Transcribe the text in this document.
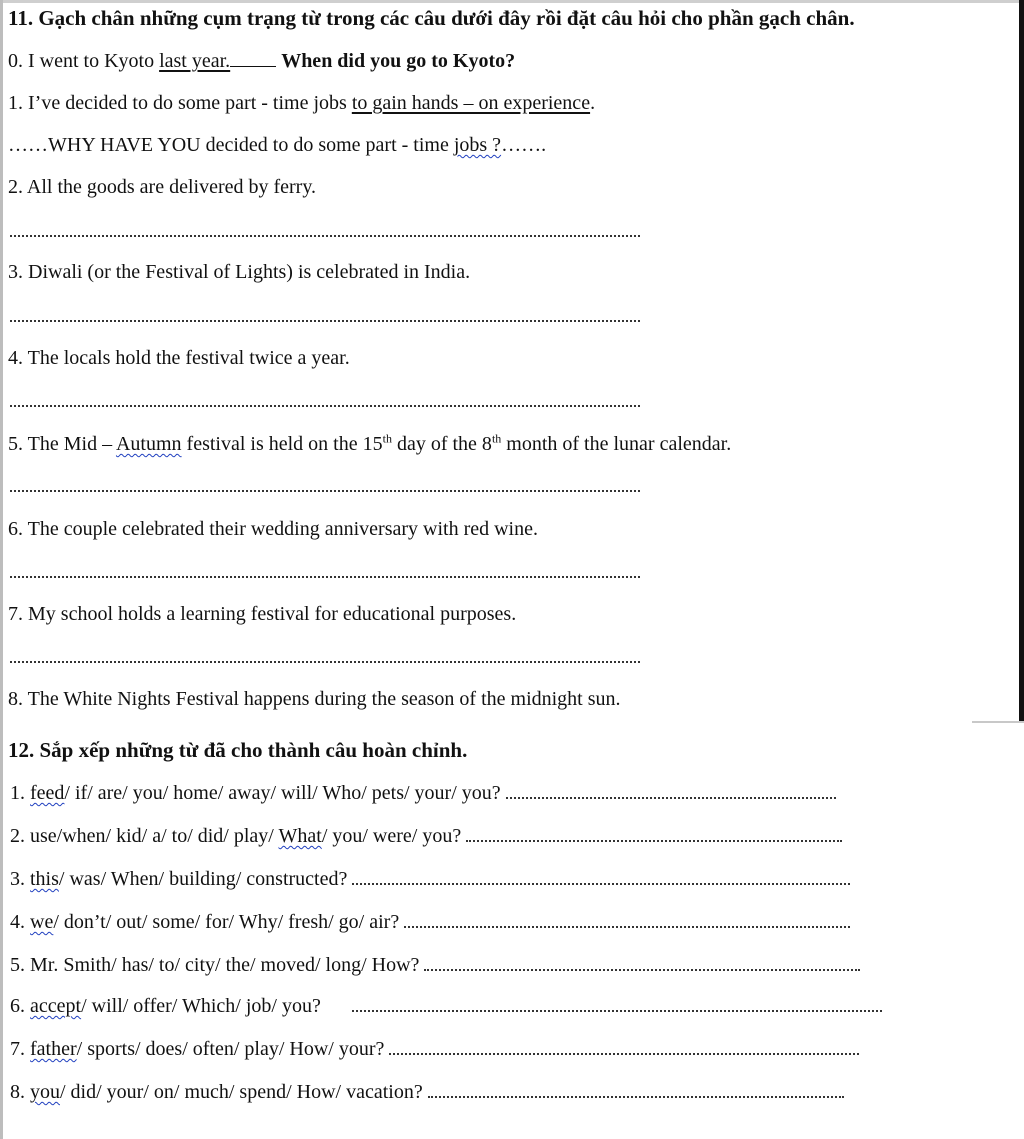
11. Gạch chân những cụm trạng từ trong các câu dưới đây rồi đặt câu hỏi cho phần gạch chân.
0. I went to Kyoto last year.	When did you go to Kyoto?
1. I’ve decided to do some part - time jobs to gain hands – on experience.
……WHY HAVE YOU decided to do some part - time jobs ?…….
2. All the goods are delivered by ferry.
3. Diwali (or the Festival of Lights) is celebrated in India.
4. The locals hold the festival twice a year.
5. The Mid – Autumn festival is held on the 15th day of the 8th month of the lunar calendar.
6. The couple celebrated their wedding anniversary with red wine.
7. My school holds a learning festival for educational purposes.
8. The White Nights Festival happens during the season of the midnight sun.
12. Sắp xếp những từ đã cho thành câu hoàn chỉnh.
1. feed/ if/ are/ you/ home/ away/ will/ Who/ pets/ your/ you?
2. use/when/ kid/ a/ to/ did/ play/ What/ you/ were/ you?
3. this/ was/ When/ building/ constructed?
4. we/ don’t/ out/ some/ for/ Why/ fresh/ go/ air?
5. Mr. Smith/ has/ to/ city/ the/ moved/ long/ How?
6. accept/ will/ offer/ Which/ job/ you?
7. father/ sports/ does/ often/ play/ How/ your?
8. you/ did/ your/ on/ much/ spend/ How/ vacation?
